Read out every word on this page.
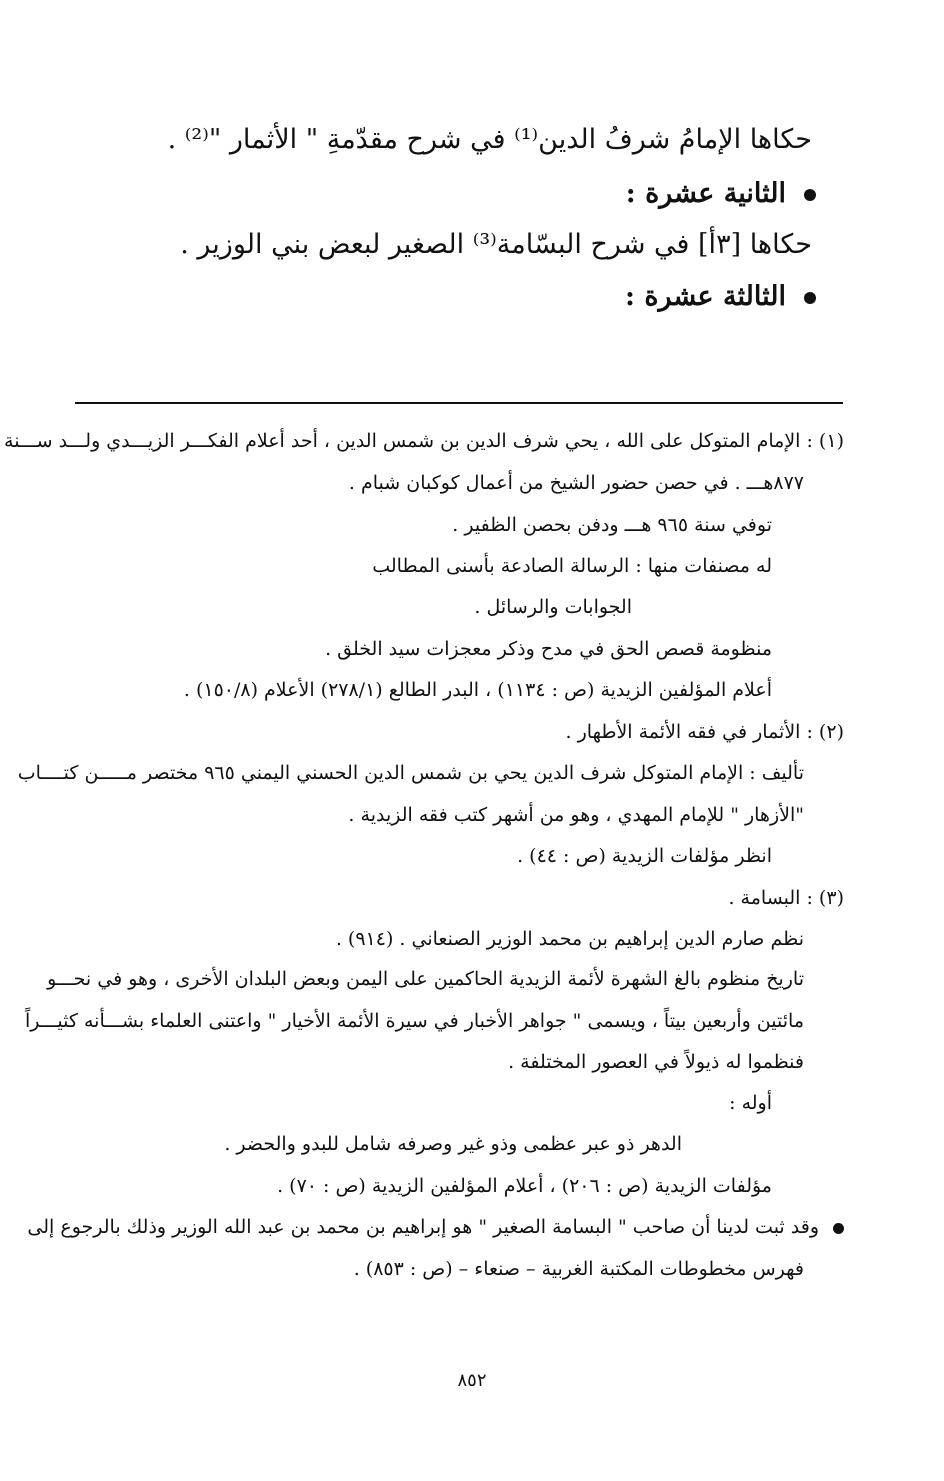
حكاها الإمامُ شرفُ الدين⁽¹⁾ في شرح مقدّمةِ " الأثمار "⁽²⁾ .
الثانية عشرة :
حكاها [٣أ] في شرح البسّامة⁽³⁾ الصغير لبعض بني الوزير .
الثالثة عشرة :
(١) : الإمام المتوكل على الله ، يحي شرف الدين بن شمس الدين ، أحد أعلام الفكـــر الزيـــدي ولـــد ســـنة
٨٧٧هـــ . في حصن حضور الشيخ من أعمال كوكبان شبام .
توفي سنة ٩٦٥ هـــ ودفن بحصن الظفير .
له مصنفات منها : الرسالة الصادعة بأسنى المطالب
الجوابات والرسائل .
منظومة قصص الحق في مدح وذكر معجزات سيد الخلق .
أعلام المؤلفين الزيدية (ص : ١١٣٤) ، البدر الطالع (٢٧٨/١) الأعلام (١٥٠/٨) .
(٢) : الأثمار في فقه الأئمة الأطهار .
تأليف : الإمام المتوكل شرف الدين يحي بن شمس الدين الحسني اليمني ٩٦٥ مختصر مـــــن كتــــاب
"الأزهار " للإمام المهدي ، وهو من أشهر كتب فقه الزيدية .
انظر مؤلفات الزيدية (ص : ٤٤) .
(٣) : البسامة .
نظم صارم الدين إبراهيم بن محمد الوزير الصنعاني . (٩١٤) .
تاريخ منظوم بالغ الشهرة لأئمة الزيدية الحاكمين على اليمن وبعض البلدان الأخرى ، وهو في نحـــو
مائتين وأربعين بيتاً ، ويسمى " جواهر الأخبار في سيرة الأئمة الأخيار " واعتنى العلماء بشـــأنه كثيـــراً
فنظموا له ذيولاً في العصور المختلفة .
أوله :
الدهر ذو عبر عظمى وذو غير وصرفه شامل للبدو والحضر .
مؤلفات الزيدية (ص : ٢٠٦) ، أعلام المؤلفين الزيدية (ص : ٧٠) .
وقد ثبت لدينا أن صاحب " البسامة الصغير " هو إبراهيم بن محمد بن عبد الله الوزير وذلك بالرجوع إلى
فهرس مخطوطات المكتبة الغربية – صنعاء – (ص : ٨٥٣) .
٨٥٢
